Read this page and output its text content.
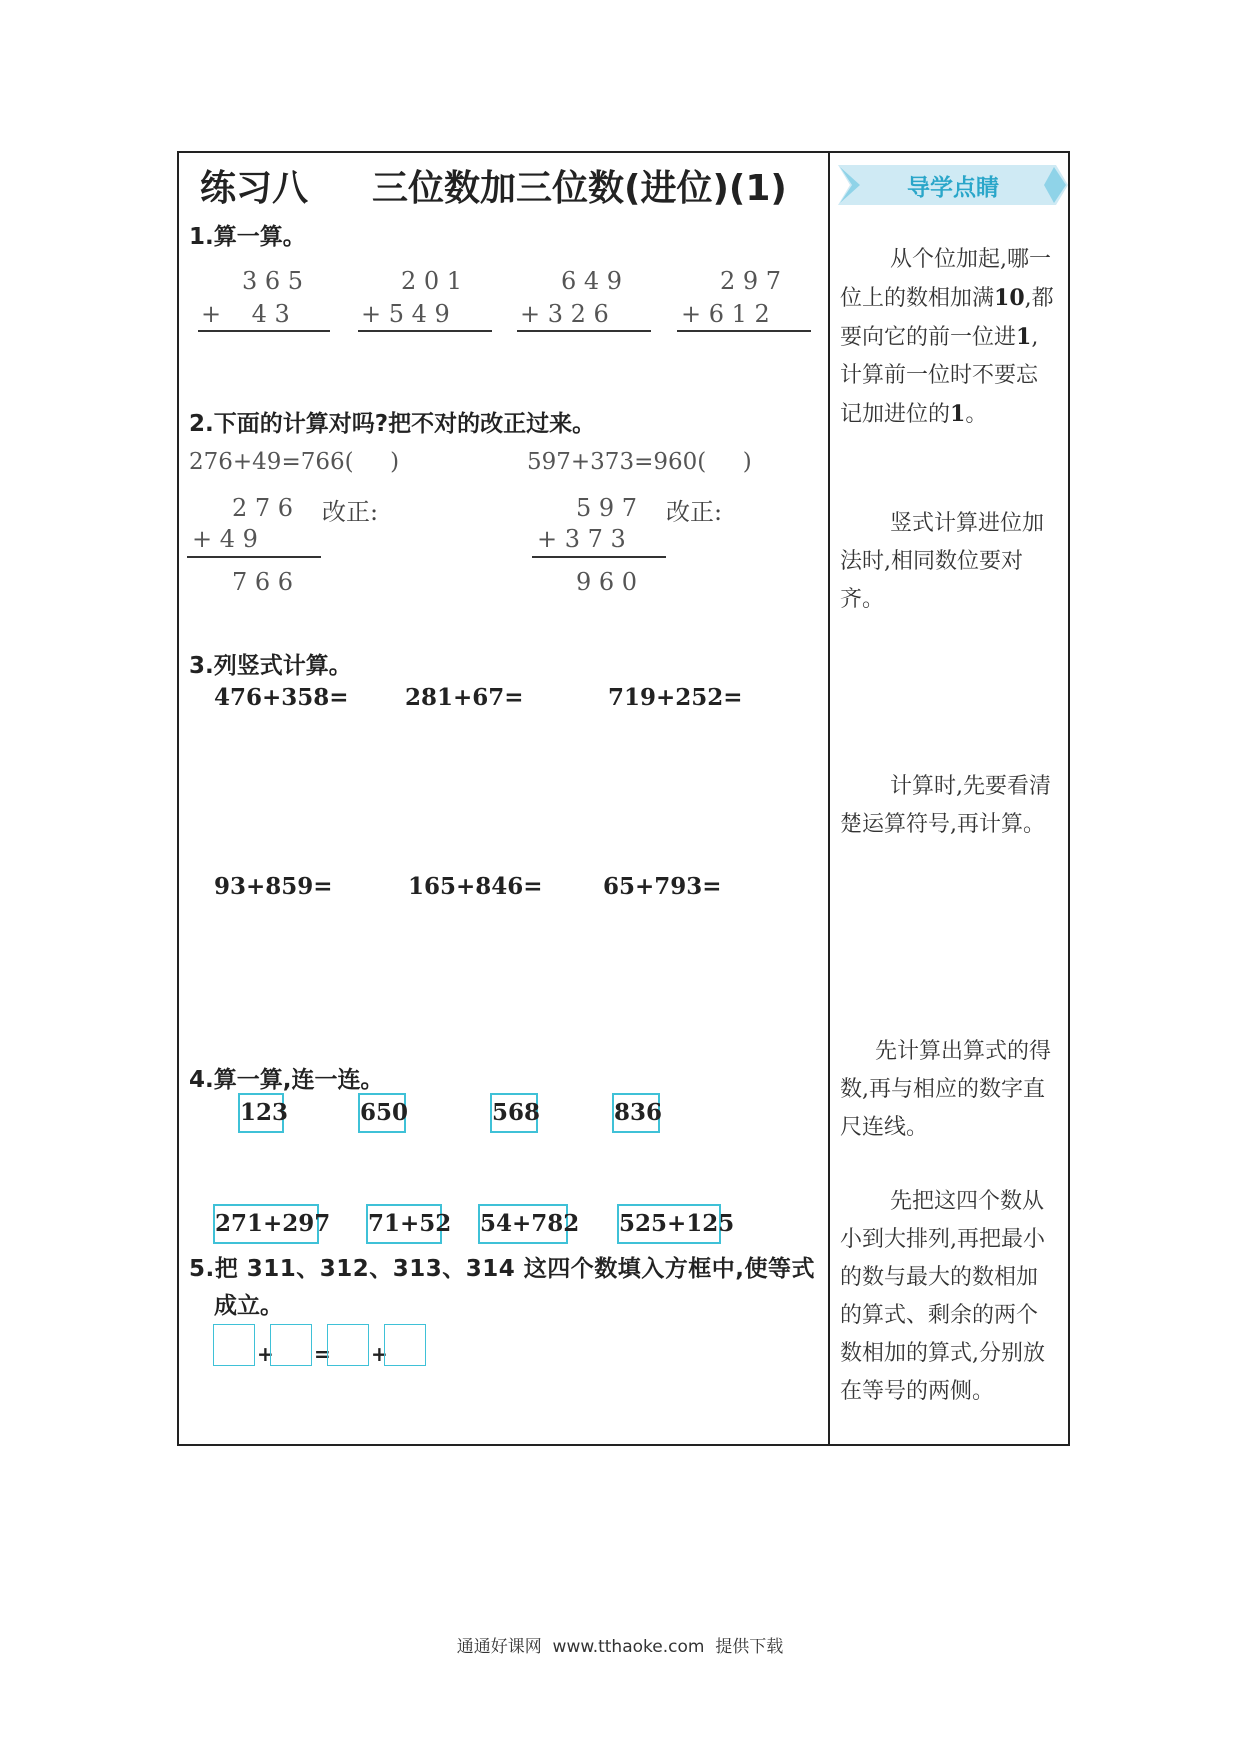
练习八 三位数加三位数(进位)(1)	导学点睛
1.算一算。
3 6 5
+    4 3
2 0 1
+ 5 4 9
6 4 9
+ 3 2 6
2 9 7
+ 6 1 2
2.下面的计算对吗?把不对的改正过来。
276+49=766(     )	597+373=960(     )
2 7 6 改正:
+ 4 9
7 6 6
5 9 7 改正:
+ 3 7 3
9 6 0
3.列竖式计算。
476+358= 281+67=	719+252=
93+859=	165+846=	65+793=
4.算一算,连一连。
123	650	568	836
271+297 71+52 54+782 525+125
5.把 311、312、313、314 这四个数填入方框中,使等式
成立。
+ = +
从个位加起,哪一位上的数相加满10,都要向它的前一位进1,计算前一位时不要忘记加进位的1。
竖式计算进位加法时,相同数位要对齐。
计算时,先要看清楚运算符号,再计算。
先计算出算式的得数,再与相应的数字直尺连线。
先把这四个数从小到大排列,再把最小的数与最大的数相加的算式、剩余的两个数相加的算式,分别放在等号的两侧。
通通好课网  www.tthaoke.com  提供下载
